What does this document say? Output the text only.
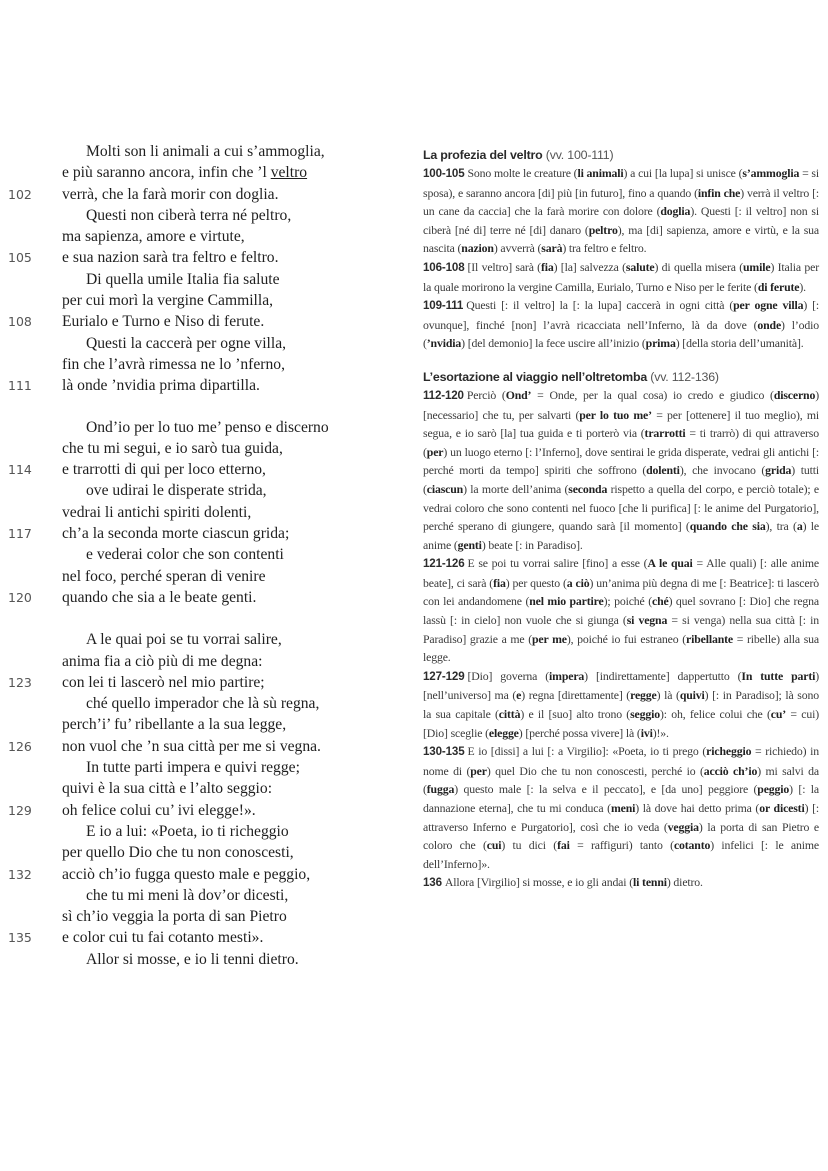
Molti son li animali a cui s’ammoglia,
e più saranno ancora, infin che ’l veltro
102	verrà, che la farà morir con doglia.
Questi non ciberà terra né peltro,
ma sapienza, amore e virtute,
105	e sua nazion sarà tra feltro e feltro.
Di quella umile Italia fia salute
per cui morì la vergine Cammilla,
108	Eurialo e Turno e Niso di ferute.
Questi la caccerà per ogne villa,
fin che l’avrà rimessa ne lo ’nferno,
111	là onde ’nvidia prima dipartilla.
Ond’io per lo tuo me’ penso e discerno
che tu mi segui, e io sarò tua guida,
114	e trarrotti di qui per loco etterno,
ove udirai le disperate strida,
vedrai li antichi spiriti dolenti,
117	ch’a la seconda morte ciascun grida;
e vederai color che son contenti
nel foco, perché speran di venire
120	quando che sia a le beate genti.
A le quai poi se tu vorrai salire,
anima fia a ciò più di me degna:
123	con lei ti lascerò nel mio partire;
ché quello imperador che là sù regna,
perch’i’ fu’ ribellante a la sua legge,
126	non vuol che ’n sua città per me si vegna.
In tutte parti impera e quivi regge;
quivi è la sua città e l’alto seggio:
129	oh felice colui cu’ ivi elegge!».
E io a lui: «Poeta, io ti richeggio
per quello Dio che tu non conoscesti,
132	acciò ch’io fugga questo male e peggio,
che tu mi meni là dov’or dicesti,
sì ch’io veggia la porta di san Pietro
135	e color cui tu fai cotanto mesti».
Allor si mosse, e io li tenni dietro.
La profezia del veltro (vv. 100-111)
100-105 Sono molte le creature (li animali) a cui [la lupa] si unisce (s’ammoglia = si sposa), e saranno ancora [di] più [in futuro], fino a quando (infin che) verrà il veltro [: un cane da caccia] che la farà morire con dolore (doglia). Questi [: il veltro] non si ciberà [né di] terre né [di] danaro (peltro), ma [di] sapienza, amore e virtù, e la sua nascita (nazion) avverrà (sarà) tra feltro e feltro.
106-108 [Il veltro] sarà (fia) [la] salvezza (salute) di quella misera (umile) Italia per la quale morirono la vergine Camilla, Eurialo, Turno e Niso per le ferite (di ferute).
109-111 Questi [: il veltro] la [: la lupa] caccerà in ogni città (per ogne villa) [: ovunque], finché [non] l’avrà ricacciata nell’Inferno, là da dove (onde) l’odio (’nvidia) [del demonio] la fece uscire all’inizio (prima) [della storia dell’umanità].
L’esortazione al viaggio nell’oltretomba (vv. 112-136)
112-120 Perciò (Ond’ = Onde, per la qual cosa) io credo e giudico (discerno) [necessario] che tu, per salvarti (per lo tuo me’ = per [ottenere] il tuo meglio), mi segua, e io sarò [la] tua guida e ti porterò via (trarrotti = ti trarrò) di qui attraverso (per) un luogo eterno [: l’Inferno], dove sentirai le grida disperate, vedrai gli antichi [: perché morti da tempo] spiriti che soffrono (dolenti), che invocano (grida) tutti (ciascun) la morte dell’anima (seconda rispetto a quella del corpo, e perciò totale); e vedrai coloro che sono contenti nel fuoco [che li purifica] [: le anime del Purgatorio], perché sperano di giungere, quando sarà [il momento] (quando che sia), tra (a) le anime (genti) beate [: in Paradiso].
121-126 E se poi tu vorrai salire [fino] a esse (A le quai = Alle quali) [: alle anime beate], ci sarà (fia) per questo (a ciò) un’anima più degna di me [: Beatrice]: ti lascerò con lei andandomene (nel mio partire); poiché (ché) quel sovrano [: Dio] che regna lassù [: in cielo] non vuole che si giunga (si vegna = si venga) nella sua città [: in Paradiso] grazie a me (per me), poiché io fui estraneo (ribellante = ribelle) alla sua legge.
127-129 [Dio] governa (impera) [indirettamente] dappertutto (In tutte parti) [nell’universo] ma (e) regna [direttamente] (regge) là (quivi) [: in Paradiso]; là sono la sua capitale (città) e il [suo] alto trono (seggio): oh, felice colui che (cu’ = cui) [Dio] sceglie (elegge) [perché possa vivere] là (ivi)!».
130-135 E io [dissi] a lui [: a Virgilio]: «Poeta, io ti prego (richeggio = richiedo) in nome di (per) quel Dio che tu non conoscesti, perché io (acciò ch’io) mi salvi da (fugga) questo male [: la selva e il peccato], e [da uno] peggiore (peggio) [: la dannazione eterna], che tu mi conduca (meni) là dove hai detto prima (or dicesti) [: attraverso Inferno e Purgatorio], così che io veda (veggia) la porta di san Pietro e coloro che (cui) tu dici (fai = raffiguri) tanto (cotanto) infelici [: le anime dell’Inferno]».
136 Allora [Virgilio] si mosse, e io gli andai (li tenni) dietro.
